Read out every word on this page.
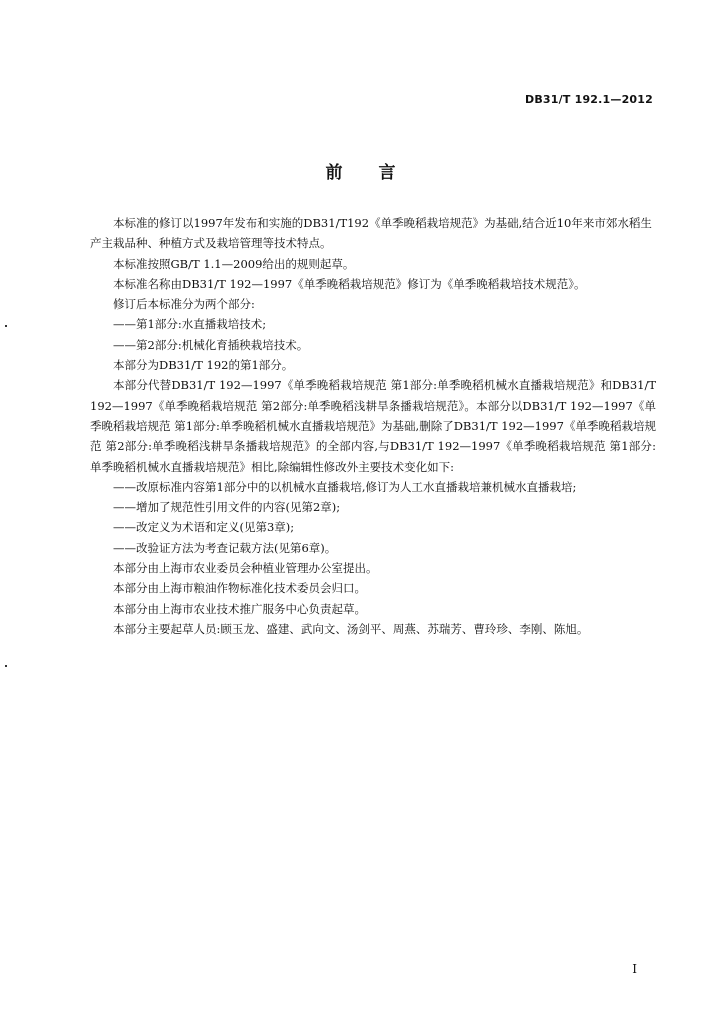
DB31/T 192.1—2012
前言

本标准的修订以1997年发布和实施的DB31/T192《单季晚稻栽培规范》为基础,结合近10年来市郊水稻生产主栽品种、种植方式及栽培管理等技术特点。

本标准按照GB/T 1.1—2009给出的规则起草。

本标准名称由DB31/T 192—1997《单季晚稻栽培规范》修订为《单季晚稻栽培技术规范》。

修订后本标准分为两个部分:

——第1部分:水直播栽培技术;

——第2部分:机械化育插秧栽培技术。

本部分为DB31/T 192的第1部分。

本部分代替DB31/T 192—1997《单季晚稻栽培规范 第1部分:单季晚稻机械水直播栽培规范》和DB31/T 192—1997《单季晚稻栽培规范 第2部分:单季晚稻浅耕旱条播栽培规范》。本部分以DB31/T 192—1997《单季晚稻栽培规范 第1部分:单季晚稻机械水直播栽培规范》为基础,删除了DB31/T 192—1997《单季晚稻栽培规范 第2部分:单季晚稻浅耕旱条播栽培规范》的全部内容,与DB31/T 192—1997《单季晚稻栽培规范 第1部分:单季晚稻机械水直播栽培规范》相比,除编辑性修改外主要技术变化如下:

——改原标准内容第1部分中的以机械水直播栽培,修订为人工水直播栽培兼机械水直播栽培;

——增加了规范性引用文件的内容(见第2章);

——改定义为术语和定义(见第3章);

——改验证方法为考查记载方法(见第6章)。

本部分由上海市农业委员会种植业管理办公室提出。

本部分由上海市粮油作物标准化技术委员会归口。

本部分由上海市农业技术推广服务中心负责起草。

本部分主要起草人员:顾玉龙、盛建、武向文、汤剑平、周燕、苏瑞芳、曹玲珍、李刚、陈旭。

I
